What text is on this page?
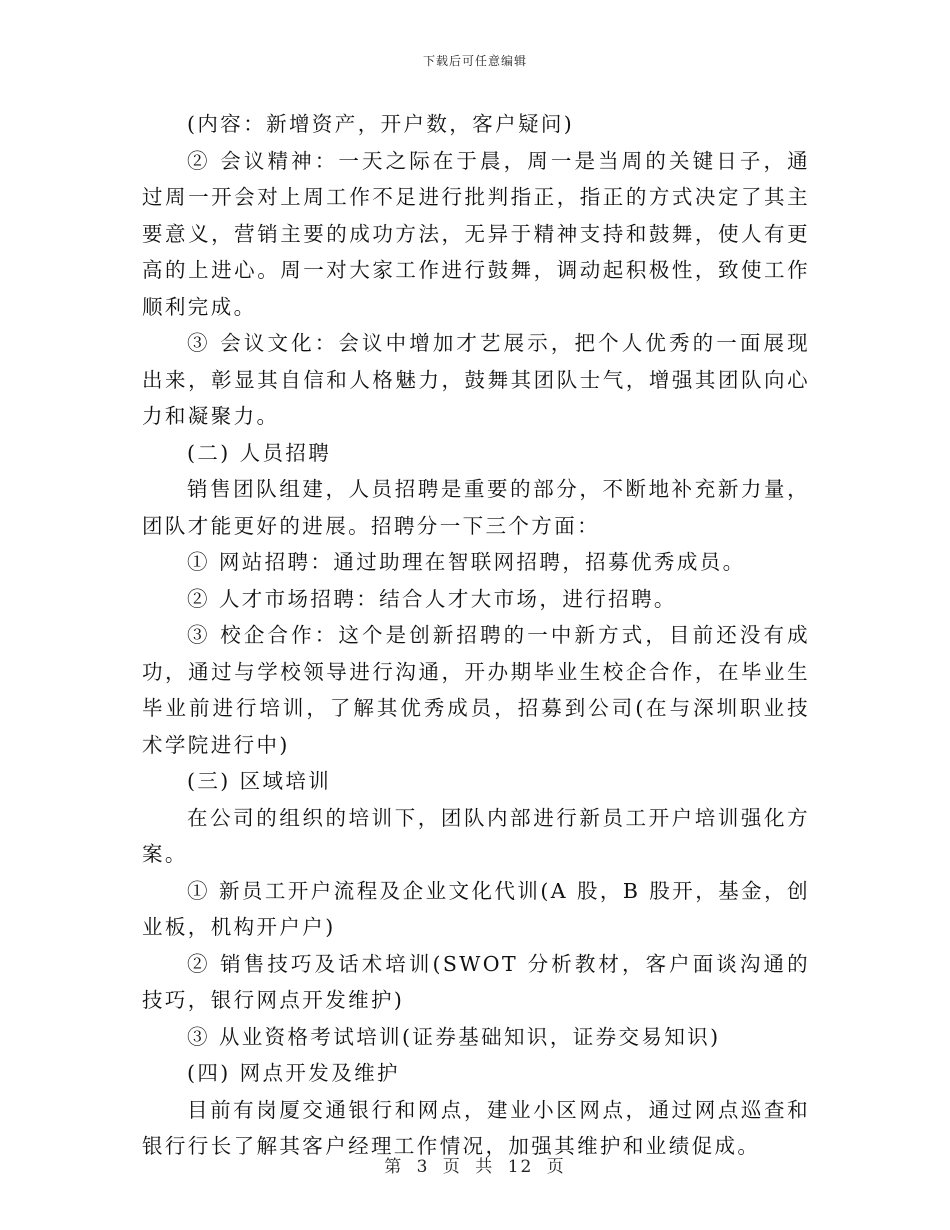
下载后可任意编辑

(内容：新增资产，开户数，客户疑问)

② 会议精神：一天之际在于晨，周一是当周的关键日子，通过周一开会对上周工作不足进行批判指正，指正的方式决定了其主要意义，营销主要的成功方法，无异于精神支持和鼓舞，使人有更高的上进心。周一对大家工作进行鼓舞，调动起积极性，致使工作顺利完成。

③ 会议文化：会议中增加才艺展示，把个人优秀的一面展现出来，彰显其自信和人格魅力，鼓舞其团队士气，增强其团队向心力和凝聚力。

(二) 人员招聘

销售团队组建，人员招聘是重要的部分，不断地补充新力量，团队才能更好的进展。招聘分一下三个方面：

① 网站招聘：通过助理在智联网招聘，招募优秀成员。

② 人才市场招聘：结合人才大市场，进行招聘。

③ 校企合作：这个是创新招聘的一中新方式，目前还没有成功，通过与学校领导进行沟通，开办期毕业生校企合作，在毕业生毕业前进行培训，了解其优秀成员，招募到公司(在与深圳职业技术学院进行中)

(三) 区域培训

在公司的组织的培训下，团队内部进行新员工开户培训强化方案。

① 新员工开户流程及企业文化代训(A 股，B 股开，基金，创业板，机构开户户)

② 销售技巧及话术培训(SWOT 分析教材，客户面谈沟通的技巧，银行网点开发维护)

③ 从业资格考试培训(证券基础知识，证券交易知识)

(四) 网点开发及维护

目前有岗厦交通银行和网点，建业小区网点，通过网点巡查和银行行长了解其客户经理工作情况，加强其维护和业绩促成。

第 3 页 共 12 页
